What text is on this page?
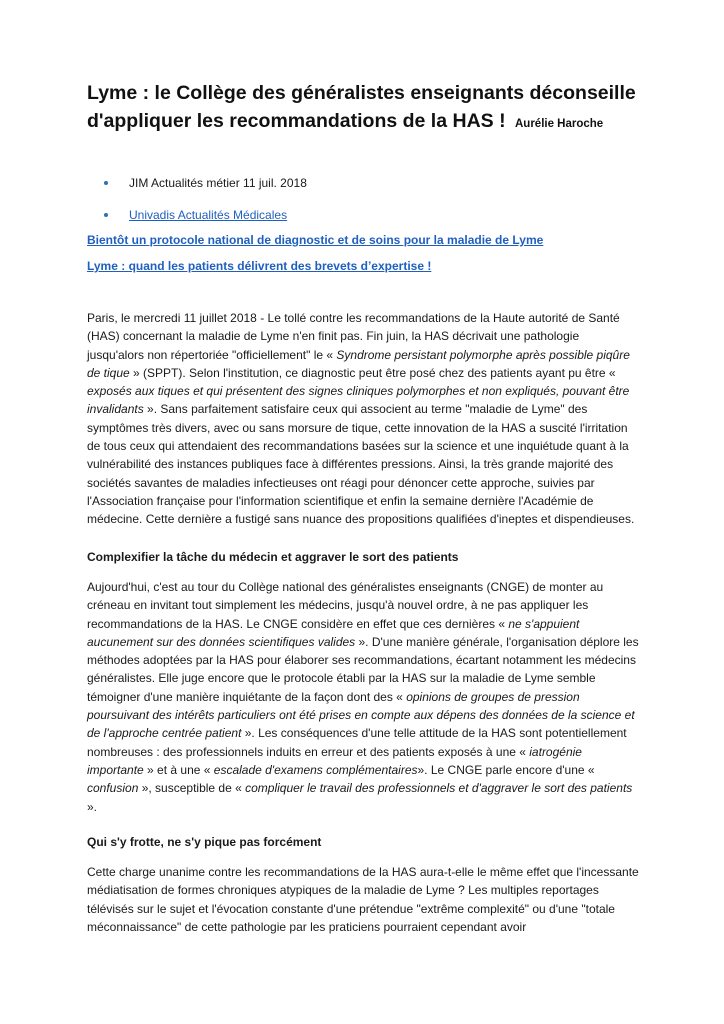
Lyme : le Collège des généralistes enseignants déconseille d'appliquer les recommandations de la HAS ! Aurélie Haroche
JIM Actualités métier 11 juil. 2018
Univadis Actualités Médicales
Bientôt un protocole national de diagnostic et de soins pour la maladie de Lyme
Lyme : quand les patients délivrent des brevets d’expertise !

Paris, le mercredi 11 juillet 2018 - Le tollé contre les recommandations de la Haute autorité de Santé (HAS) concernant la maladie de Lyme n'en finit pas. Fin juin, la HAS décrivait une pathologie jusqu'alors non répertoriée "officiellement" le « Syndrome persistant polymorphe après possible piqûre de tique » (SPPT). Selon l'institution, ce diagnostic peut être posé chez des patients ayant pu être « exposés aux tiques et qui présentent des signes cliniques polymorphes et non expliqués, pouvant être invalidants ». Sans parfaitement satisfaire ceux qui associent au terme "maladie de Lyme" des symptômes très divers, avec ou sans morsure de tique, cette innovation de la HAS a suscité l'irritation de tous ceux qui attendaient des recommandations basées sur la science et une inquiétude quant à la vulnérabilité des instances publiques face à différentes pressions. Ainsi, la très grande majorité des sociétés savantes de maladies infectieuses ont réagi pour dénoncer cette approche, suivies par l'Association française pour l'information scientifique et enfin la semaine dernière l'Académie de médecine. Cette dernière a fustigé sans nuance des propositions qualifiées d'ineptes et dispendieuses.

Complexifier la tâche du médecin et aggraver le sort des patients

Aujourd'hui, c'est au tour du Collège national des généralistes enseignants (CNGE) de monter au créneau en invitant tout simplement les médecins, jusqu'à nouvel ordre, à ne pas appliquer les recommandations de la HAS. Le CNGE considère en effet que ces dernières « ne s'appuient aucunement sur des données scientifiques valides ». D'une manière générale, l'organisation déplore les méthodes adoptées par la HAS pour élaborer ses recommandations, écartant notamment les médecins généralistes. Elle juge encore que le protocole établi par la HAS sur la maladie de Lyme semble témoigner d'une manière inquiétante de la façon dont des « opinions de groupes de pression poursuivant des intérêts particuliers ont été prises en compte aux dépens des données de la science et de l'approche centrée patient ». Les conséquences d'une telle attitude de la HAS sont potentiellement nombreuses : des professionnels induits en erreur et des patients exposés à une « iatrogénie importante » et à une « escalade d'examens complémentaires». Le CNGE parle encore d'une « confusion », susceptible de « compliquer le travail des professionnels et d'aggraver le sort des patients ».

Qui s'y frotte, ne s'y pique pas forcément

Cette charge unanime contre les recommandations de la HAS aura-t-elle le même effet que l'incessante médiatisation de formes chroniques atypiques de la maladie de Lyme ? Les multiples reportages télévisés sur le sujet et l'évocation constante d'une prétendue "extrême complexité" ou d'une "totale méconnaissance" de cette pathologie par les praticiens pourraient cependant avoir
